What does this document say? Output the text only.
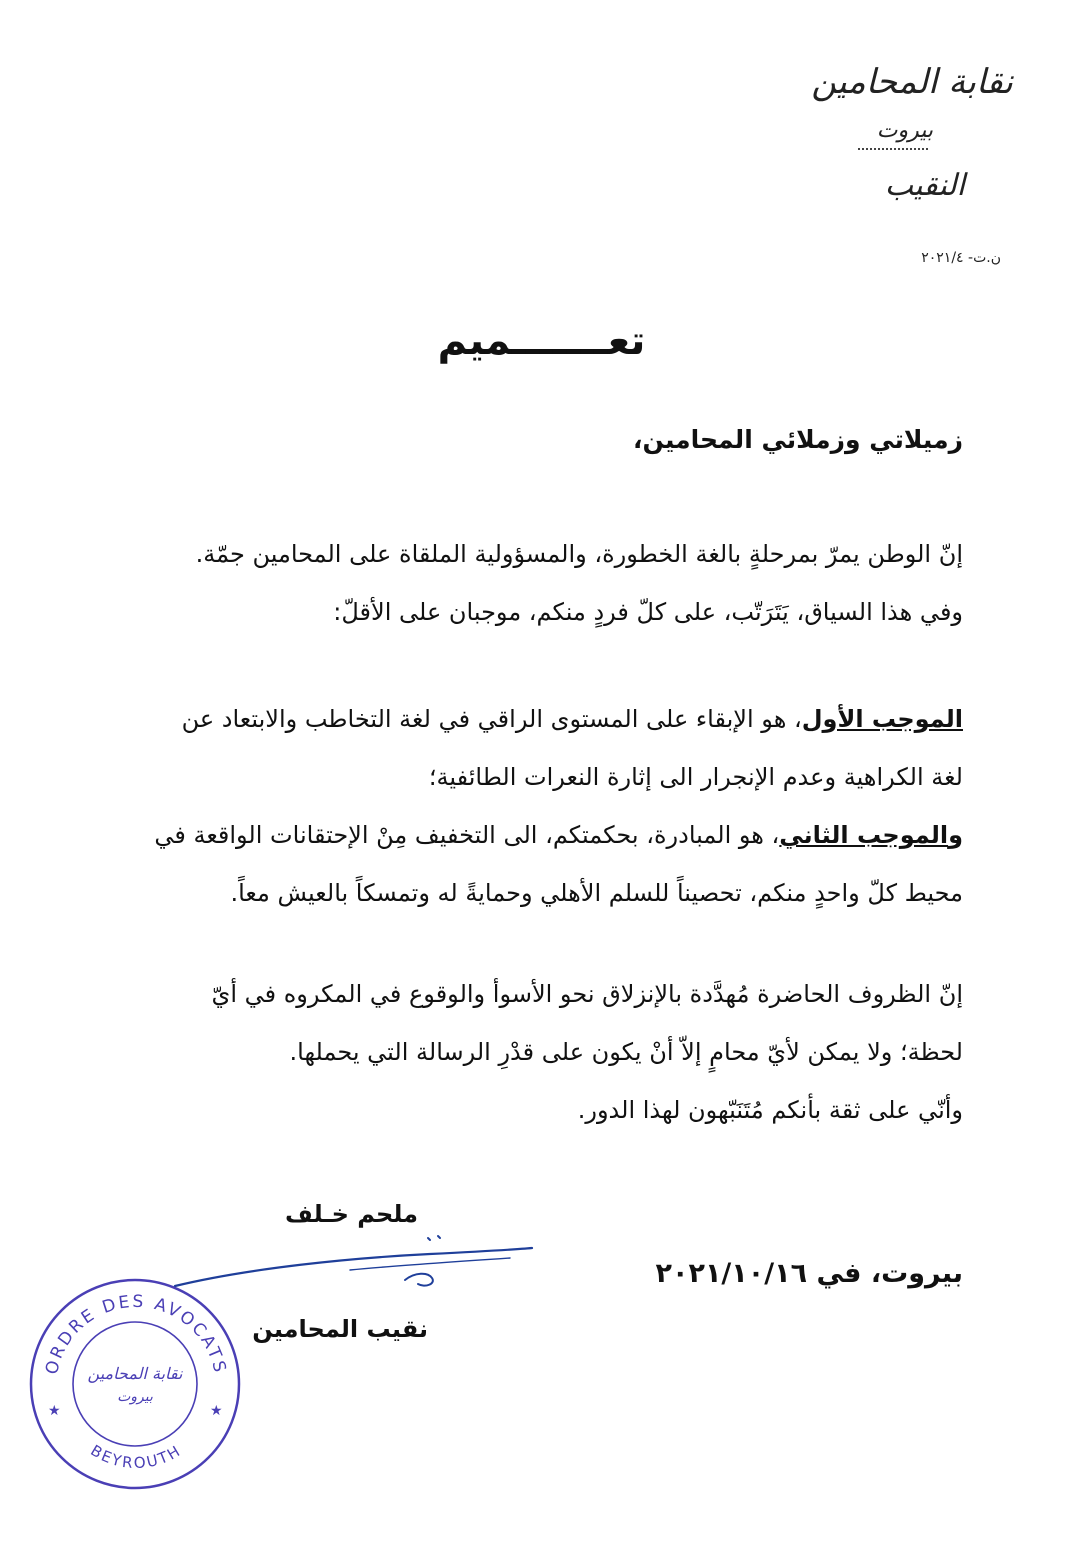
نقابة المحامين
بيروت
النقيب
ن.ت- ٢٠٢١/٤
تعـــــــميم
زميلاتي وزملائي المحامين،
إنّ الوطن يمرّ بمرحلةٍ بالغة الخطورة، والمسؤولية الملقاة على المحامين جمّة.
وفي هذا السياق، يَتَرَتّب، على كلّ فردٍ منكم، موجبان على الأقلّ:
الموجب الأول، هو الإبقاء على المستوى الراقي في لغة التخاطب والابتعاد عن
لغة الكراهية وعدم الإنجرار الى إثارة النعرات الطائفية؛
والموجب الثاني، هو المبادرة، بحكمتكم، الى التخفيف مِنْ الإحتقانات الواقعة في
محيط كلّ واحدٍ منكم، تحصيناً للسلم الأهلي وحمايةً له وتمسكاً بالعيش معاً.
إنّ الظروف الحاضرة مُهدَّدة بالإنزلاق نحو الأسوأ والوقوع في المكروه في أيّ
لحظة؛ ولا يمكن لأيّ محامٍ إلاّ أنْ يكون على قدْرِ الرسالة التي يحملها.
وأنّي على ثقة بأنكم مُتَنَبّهون لهذا الدور.
ملحم خـلف
نقيب المحامين
بيروت، في ٢٠٢١/١٠/١٦
ORDRE DES AVOCATS
BEYROUTH
نقابة المحامين
بيروت
★	★
